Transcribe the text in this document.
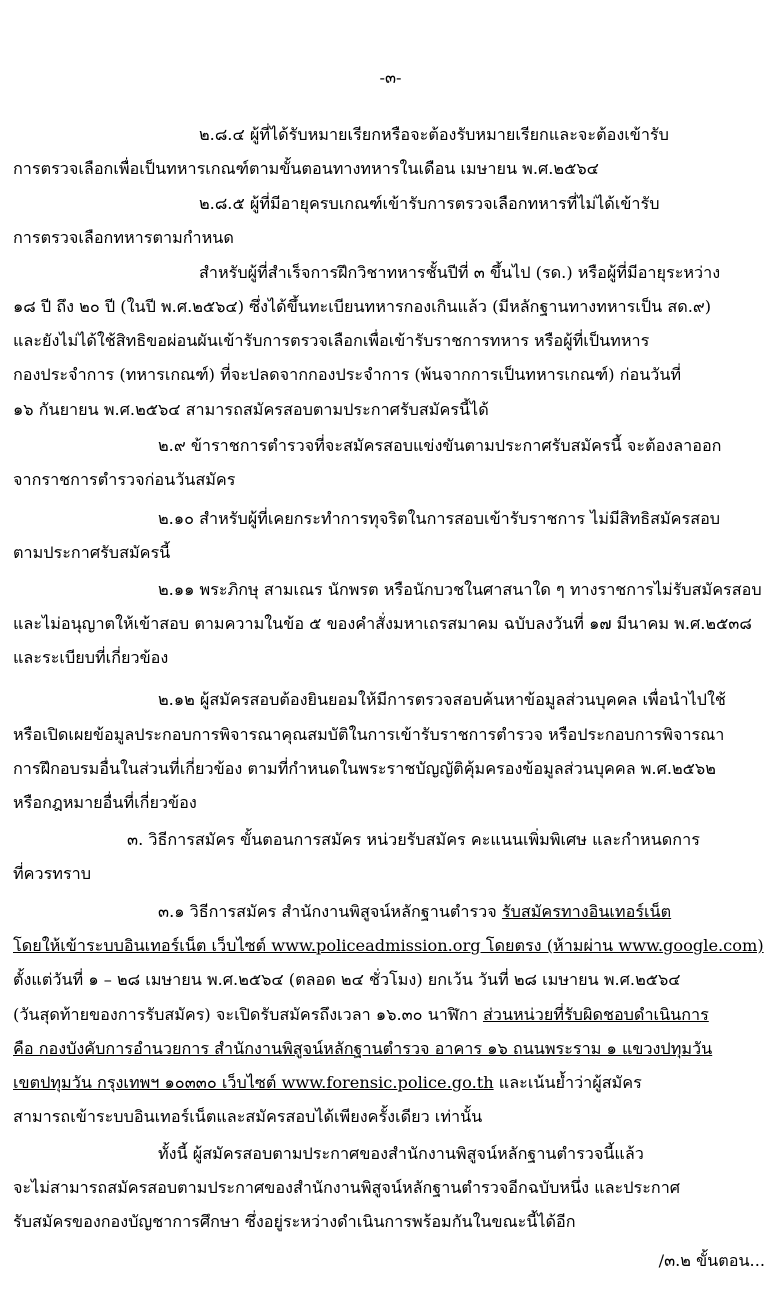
-๓-
๒.๘.๔ ผู้ที่ได้รับหมายเรียกหรือจะต้องรับหมายเรียกและจะต้องเข้ารับ
การตรวจเลือกเพื่อเป็นทหารเกณฑ์ตามขั้นตอนทางทหารในเดือน เมษายน พ.ศ.๒๕๖๔
๒.๘.๕ ผู้ที่มีอายุครบเกณฑ์เข้ารับการตรวจเลือกทหารที่ไม่ได้เข้ารับ
การตรวจเลือกทหารตามกำหนด
สำหรับผู้ที่สำเร็จการฝึกวิชาทหารชั้นปีที่ ๓ ขึ้นไป (รด.) หรือผู้ที่มีอายุระหว่าง
๑๘ ปี ถึง ๒๐ ปี (ในปี พ.ศ.๒๕๖๔) ซึ่งได้ขึ้นทะเบียนทหารกองเกินแล้ว (มีหลักฐานทางทหารเป็น สด.๙)
และยังไม่ได้ใช้สิทธิขอผ่อนผันเข้ารับการตรวจเลือกเพื่อเข้ารับราชการทหาร หรือผู้ที่เป็นทหาร
กองประจำการ (ทหารเกณฑ์) ที่จะปลดจากกองประจำการ (พ้นจากการเป็นทหารเกณฑ์) ก่อนวันที่
๑๖ กันยายน พ.ศ.๒๕๖๔ สามารถสมัครสอบตามประกาศรับสมัครนี้ได้
๒.๙ ข้าราชการตำรวจที่จะสมัครสอบแข่งขันตามประกาศรับสมัครนี้ จะต้องลาออก
จากราชการตำรวจก่อนวันสมัคร
๒.๑๐ สำหรับผู้ที่เคยกระทำการทุจริตในการสอบเข้ารับราชการ ไม่มีสิทธิสมัครสอบ
ตามประกาศรับสมัครนี้
๒.๑๑ พระภิกษุ สามเณร นักพรต หรือนักบวชในศาสนาใด ๆ ทางราชการไม่รับสมัครสอบ
และไม่อนุญาตให้เข้าสอบ ตามความในข้อ ๕ ของคำสั่งมหาเถรสมาคม ฉบับลงวันที่ ๑๗ มีนาคม พ.ศ.๒๕๓๘
และระเบียบที่เกี่ยวข้อง
๒.๑๒ ผู้สมัครสอบต้องยินยอมให้มีการตรวจสอบค้นหาข้อมูลส่วนบุคคล เพื่อนำไปใช้
หรือเปิดเผยข้อมูลประกอบการพิจารณาคุณสมบัติในการเข้ารับราชการตำรวจ หรือประกอบการพิจารณา
การฝึกอบรมอื่นในส่วนที่เกี่ยวข้อง ตามที่กำหนดในพระราชบัญญัติคุ้มครองข้อมูลส่วนบุคคล พ.ศ.๒๕๖๒
หรือกฎหมายอื่นที่เกี่ยวข้อง
๓. วิธีการสมัคร ขั้นตอนการสมัคร หน่วยรับสมัคร คะแนนเพิ่มพิเศษ และกำหนดการ
ที่ควรทราบ
๓.๑ วิธีการสมัคร สำนักงานพิสูจน์หลักฐานตำรวจ รับสมัครทางอินเทอร์เน็ต
โดยให้เข้าระบบอินเทอร์เน็ต เว็บไซต์ www.policeadmission.org โดยตรง (ห้ามผ่าน www.google.com)
ตั้งแต่วันที่ ๑ – ๒๘ เมษายน พ.ศ.๒๕๖๔ (ตลอด ๒๔ ชั่วโมง) ยกเว้น วันที่ ๒๘ เมษายน พ.ศ.๒๕๖๔
(วันสุดท้ายของการรับสมัคร) จะเปิดรับสมัครถึงเวลา ๑๖.๓๐ นาฬิกา ส่วนหน่วยที่รับผิดชอบดำเนินการ
คือ กองบังคับการอำนวยการ สำนักงานพิสูจน์หลักฐานตำรวจ อาคาร ๑๖ ถนนพระราม ๑ แขวงปทุมวัน
เขตปทุมวัน กรุงเทพฯ ๑๐๓๓๐ เว็บไซต์ www.forensic.police.go.th และเน้นย้ำว่าผู้สมัคร
สามารถเข้าระบบอินเทอร์เน็ตและสมัครสอบได้เพียงครั้งเดียว เท่านั้น
ทั้งนี้ ผู้สมัครสอบตามประกาศของสำนักงานพิสูจน์หลักฐานตำรวจนี้แล้ว
จะไม่สามารถสมัครสอบตามประกาศของสำนักงานพิสูจน์หลักฐานตำรวจอีกฉบับหนึ่ง และประกาศ
รับสมัครของกองบัญชาการศึกษา ซึ่งอยู่ระหว่างดำเนินการพร้อมกันในขณะนี้ได้อีก
/๓.๒ ขั้นตอน...
